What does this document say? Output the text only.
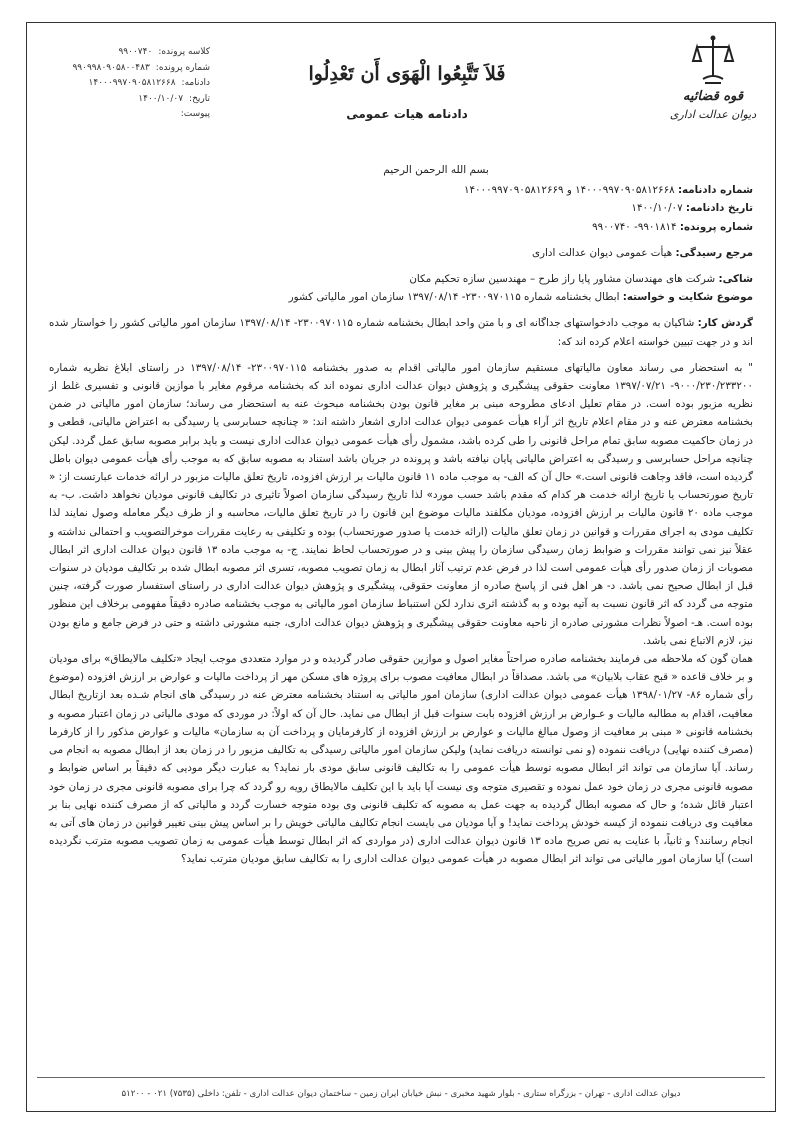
قوه قضائیه
دیوان عدالت اداری
فَلاَ تَتَّبِعُوا الْهَوَى أَن تَعْدِلُوا
دادنامه هیات عمومی
کلاسه پرونده:
۹۹۰۰۷۴۰
شماره پرونده:
۹۹۰۹۹۸۰۹۰۵۸۰۰۴۸۳
دادنامه:
۱۴۰۰۰۹۹۷۰۹۰۵۸۱۲۶۶۸
تاریخ:
۱۴۰۰/۱۰/۰۷
پیوست:
بسم الله الرحمن الرحیم

شماره دادنامه: ۱۴۰۰۰۹۹۷۰۹۰۵۸۱۲۶۶۸ و ۱۴۰۰۰۹۹۷۰۹۰۵۸۱۲۶۶۹

تاریخ دادنامه: ۱۴۰۰/۱۰/۰۷

شماره پرونده: ۹۹۰۱۸۱۴- ۹۹۰۰۷۴۰

مرجع رسیدگی: هیأت عمومی دیوان عدالت اداری

شاکی: شرکت های مهندسان مشاور پایا راز طرح – مهندسین سازه تحکیم مکان

موضوع شکایت و خواسته: ابطال بخشنامه شماره ۲۳۰۰۹۷۰۱۱۵- ۱۳۹۷/۰۸/۱۴ سازمان امور مالیاتی کشور

گردش کار: شاکیان به موجب دادخواستهای جداگانه ای و با متن واحد ابطال بخشنامه شماره ۲۳۰۰۹۷۰۱۱۵- ۱۳۹۷/۰۸/۱۴ سازمان امور مالیاتی کشور را خواستار شده اند و در جهت تبیین خواسته اعلام کرده اند که:

" به استحضار می رساند معاون مالیاتهای مستقیم سازمان امور مالیاتی اقدام به صدور بخشنامه ۲۳۰۰۹۷۰۱۱۵- ۱۳۹۷/۰۸/۱۴ در راستای ابلاغ نظریه شماره ۹۰۰۰/۲۳۰/۲۳۳۲۰۰- ۱۳۹۷/۰۷/۲۱ معاونت حقوقی پیشگیری و پژوهش دیوان عدالت اداری نموده اند که بخشنامه مرقوم مغایر با موازین قانونی و تفسیری غلط از نظریه مزبور بوده است. در مقام تعلیل ادعای مطروحه مبنی بر مغایر قانون بودن بخشنامه مبحوث عنه به استحضار می رساند؛ سازمان امور مالیاتی در ضمن بخشنامه معترض عنه و در مقام اعلام تاریخ اثر آراء هیأت عمومی دیوان عدالت اداری اشعار داشته اند: « چنانچه حسابرسی یا رسیدگی به اعتراض مالیاتی، قطعی و در زمان حاکمیت مصوبه سابق تمام مراحل قانونی را طی کرده باشد، مشمول رأی هیأت عمومی دیوان عدالت اداری نیست و باید برابر مصوبه سابق عمل گردد. لیکن چنانچه مراحل حسابرسی و رسیدگی به اعتراض مالیاتی پایان نیافته باشد و پرونده در جریان باشد استناد به مصوبه سابق که به موجب رأی هیأت عمومی دیوان باطل گردیده است، فاقد وجاهت قانونی است.» حال آن که الف- به موجب ماده ۱۱ قانون مالیات بر ارزش افزوده، تاریخ تعلق مالیات مزبور در ارائه خدمات عبارتست از: « تاریخ صورتحساب یا تاریخ ارائه خدمت هر کدام که مقدم باشد حسب مورد» لذا تاریخ رسیدگی سازمان اصولاً تاثیری در تکالیف قانونی مودیان نخواهد داشت. ب- به موجب ماده ۲۰ قانون مالیات بر ارزش افزوده، مودیان مکلفند مالیات موضوع این قانون را در تاریخ تعلق مالیات، محاسبه و از طرف دیگر معامله وصول نمایند لذا تکلیف مودی به اجرای مقررات و قوانین در زمان تعلق مالیات (ارائه خدمت یا صدور صورتحساب) بوده و تکلیفی به رعایت مقررات موخرالتصویب و احتمالی نداشته و عقلاً نیز نمی توانند مقررات و ضوابط زمان رسیدگی سازمان را پیش بینی و در صورتحساب لحاظ نمایند. ج- به موجب ماده ۱۳ قانون دیوان عدالت اداری اثر ابطال مصوبات از زمان صدور رأی هیأت عمومی است لذا در فرض عدم ترتیب آثار ابطال به زمان تصویب مصوبه، تسری اثر مصوبه ابطال شده بر تکالیف مودیان در سنوات قبل از ابطال صحیح نمی باشد. د- هر اهل فنی از پاسخ صادره از معاونت حقوقی، پیشگیری و پژوهش دیوان عدالت اداری در راستای استفسار صورت گرفته، چنین متوجه می گردد که اثر قانون نسبت به آتیه بوده و به گذشته اثری ندارد لکن استنباط سازمان امور مالیاتی به موجب بخشنامه صادره دقیقاً مفهومی برخلاف این منظور بوده است. هـ- اصولاً نظرات مشورتی صادره از ناحیه معاونت حقوقی پیشگیری و پژوهش دیوان عدالت اداری، جنبه مشورتی داشته و حتی در فرض جامع و مانع بودن نیز، لازم الاتباع نمی باشد.

همان گون که ملاحظه می فرمایند بخشنامه صادره صراحتاً مغایر اصول و موازین حقوقی صادر گردیده و در موارد متعددی موجب ایجاد «تکلیف مالایطاق» برای مودیان و بر خلاف قاعده « قبح عقاب بلابیان» می باشد. مصداقاً در ابطال معافیت مصوب برای پروژه های مسکن مهر از پرداخت مالیات و عوارض بر ارزش افزوده (موضوع رأی شماره ۸۶- ۱۳۹۸/۰۱/۲۷ هیأت عمومی دیوان عدالت اداری) سازمان امور مالیاتی به استناد بخشنامه معترض عنه در رسیدگی های انجام شـده بعد ازتاریخ ابطال معافیت، اقدام به مطالبه مالیات و عـوارض بر ارزش افزوده بابت سنوات قبل از ابطال می نماید. حال آن که اولاً: در موردی که مودی مالیاتی در زمان اعتبار مصوبه و بخشنامه قانونی « مبنی بر معافیت از وصول مبالغ مالیات و عوارض بر ارزش افزوده از کارفرمایان و پرداخت آن به سازمان» مالیات و عوارض مذکور را از کارفرما (مصرف کننده نهایی) دریافت ننموده (و نمی توانسته دریافت نماید) ولیکن سازمان امور مالیاتی رسیدگی به تکالیف مزبور را در زمان بعد از ابطال مصوبه به انجام می رساند. آیا سازمان می تواند اثر ابطال مصوبه توسط هیأت عمومی را به تکالیف قانونی سابق مودی بار نماید؟ به عبارت دیگر مودیی که دقیقاً بر اساس ضوابط و مصوبه قانونی مجری در زمان خود عمل نموده و تقصیری متوجه وی نیست آیا باید با این تکلیف مالایطاق رویه رو گردد که چرا برای مصوبه قانونی مجری در زمان خود اعتبار قائل شده؛ و حال که مصوبه ابطال گردیده به جهت عمل به مصوبه که تکلیف قانونی وی بوده متوجه خسارت گردد و مالیاتی که از مصرف کننده نهایی بنا بر معافیت وی دریافت ننموده از کیسه خودش پرداخت نماید! و آیا مودیان می بایست انجام تکالیف مالیاتی خویش را بر اساس پیش بینی تغییر قوانین در زمان های آتی به انجام رسانند؟ و ثانیاً، با عنایت به نص صریح ماده ۱۳ قانون دیوان عدالت اداری (در مواردی که اثر ابطال توسط هیأت عمومی به زمان تصویب مصوبه مترتب نگردیده است) آیا سازمان امور مالیاتی می تواند اثر ابطال مصوبه در هیأت عمومی دیوان عدالت اداری را به تکالیف سابق مودیان مترتب نماید؟

دیوان عدالت اداری - تهران - بزرگراه ستاری - بلوار شهید مخبری - نبش خیابان ایران زمین - ساختمان دیوان عدالت اداری - تلفن: داخلی (۷۵۳۵) ۰۲۱ - ۵۱۲۰۰
